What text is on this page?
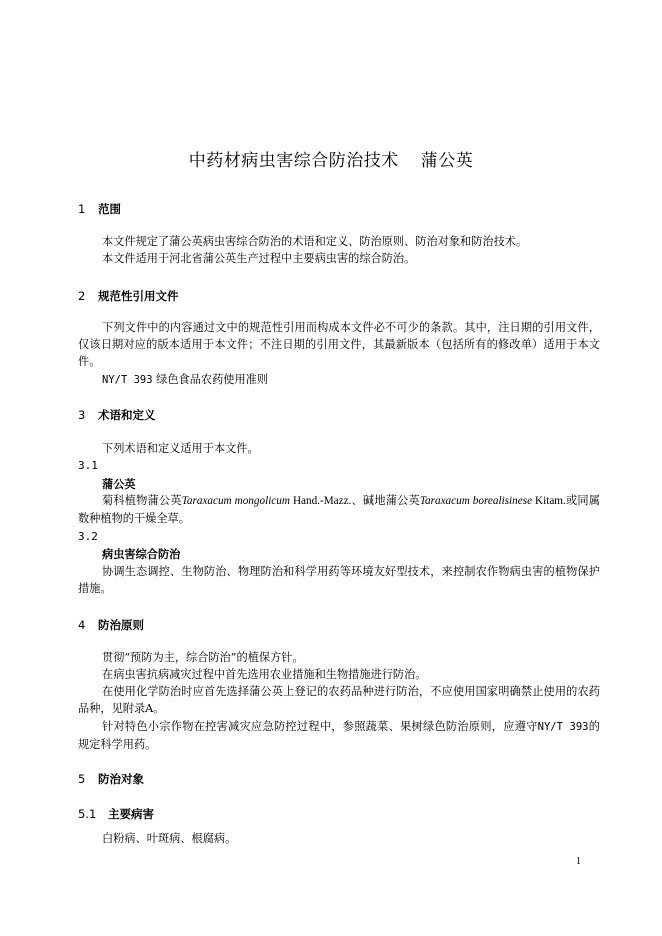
中药材病虫害综合防治技术 蒲公英
1 范围
本文件规定了蒲公英病虫害综合防治的术语和定义、防治原则、防治对象和防治技术。
本文件适用于河北省蒲公英生产过程中主要病虫害的综合防治。
2 规范性引用文件
下列文件中的内容通过文中的规范性引用而构成本文件必不可少的条款。其中，注日期的引用文件，仅该日期对应的版本适用于本文件；不注日期的引用文件，其最新版本（包括所有的修改单）适用于本文件。
NY/T 393 绿色食品农药使用准则
3 术语和定义
下列术语和定义适用于本文件。
3.1
蒲公英
菊科植物蒲公英Taraxacum mongolicum Hand.-Mazz.、碱地蒲公英Taraxacum borealisinese Kitam.或同属数种植物的干燥全草。
3.2
病虫害综合防治
协调生态调控、生物防治、物理防治和科学用药等环境友好型技术，来控制农作物病虫害的植物保护措施。
4 防治原则
贯彻“预防为主，综合防治”的植保方针。
在病虫害抗病减灾过程中首先选用农业措施和生物措施进行防治。
在使用化学防治时应首先选择蒲公英上登记的农药品种进行防治，不应使用国家明确禁止使用的农药品种，见附录A。
针对特色小宗作物在控害减灾应急防控过程中，参照蔬菜、果树绿色防治原则，应遵守NY/T 393的规定科学用药。
5 防治对象
5.1 主要病害
白粉病、叶斑病、根腐病。
1
